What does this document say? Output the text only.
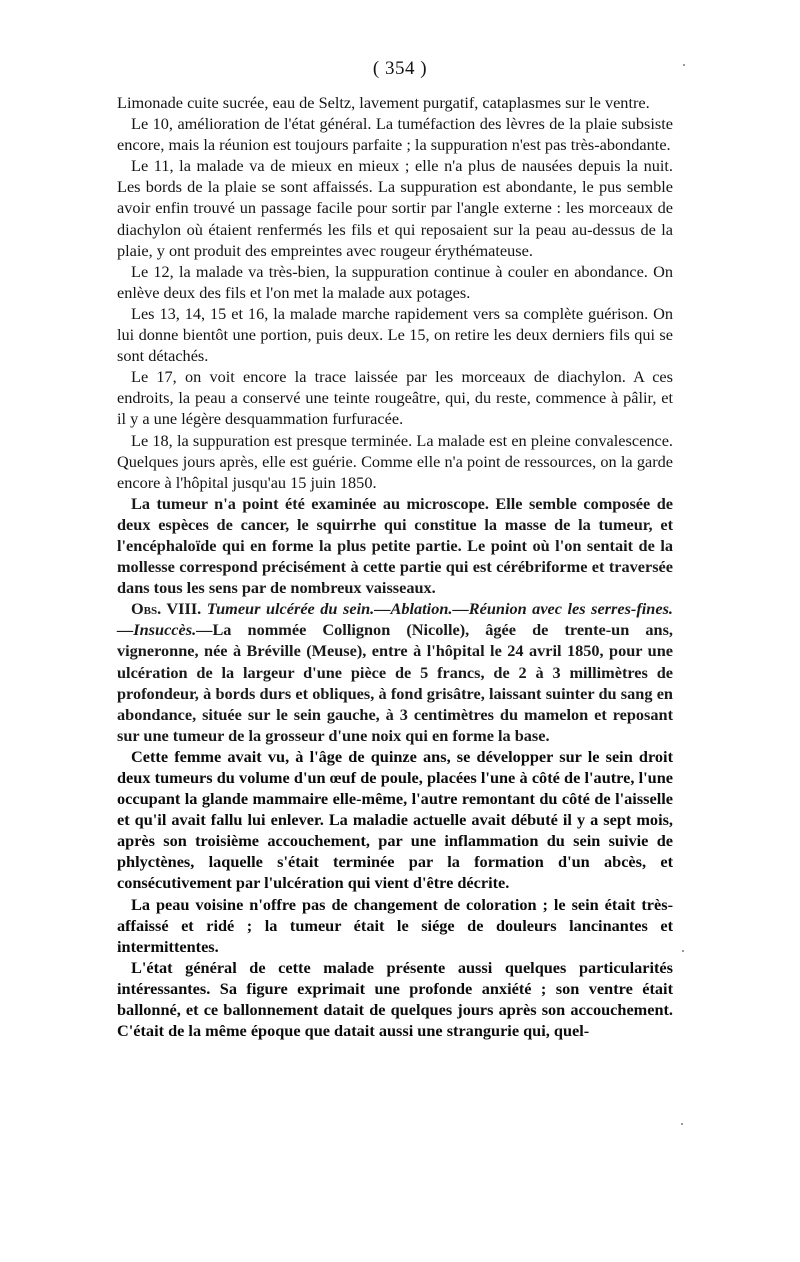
( 354 )

Limonade cuite sucrée, eau de Seltz, lavement purgatif, cataplasmes sur le ventre.

Le 10, amélioration de l'état général. La tuméfaction des lèvres de la plaie subsiste encore, mais la réunion est toujours parfaite ; la suppuration n'est pas très-abondante.

Le 11, la malade va de mieux en mieux ; elle n'a plus de nausées depuis la nuit. Les bords de la plaie se sont affaissés. La suppuration est abondante, le pus semble avoir enfin trouvé un passage facile pour sortir par l'angle externe : les morceaux de diachylon où étaient renfermés les fils et qui reposaient sur la peau au-dessus de la plaie, y ont produit des empreintes avec rougeur érythémateuse.

Le 12, la malade va très-bien, la suppuration continue à couler en abondance. On enlève deux des fils et l'on met la malade aux potages.

Les 13, 14, 15 et 16, la malade marche rapidement vers sa complète guérison. On lui donne bientôt une portion, puis deux. Le 15, on retire les deux derniers fils qui se sont détachés.

Le 17, on voit encore la trace laissée par les morceaux de diachylon. A ces endroits, la peau a conservé une teinte rougeâtre, qui, du reste, commence à pâlir, et il y a une légère desquammation furfuracée.

Le 18, la suppuration est presque terminée. La malade est en pleine convalescence. Quelques jours après, elle est guérie. Comme elle n'a point de ressources, on la garde encore à l'hôpital jusqu'au 15 juin 1850.

La tumeur n'a point été examinée au microscope. Elle semble composée de deux espèces de cancer, le squirrhe qui constitue la masse de la tumeur, et l'encéphaloïde qui en forme la plus petite partie. Le point où l'on sentait de la mollesse correspond précisément à cette partie qui est cérébriforme et traversée dans tous les sens par de nombreux vaisseaux.

Obs. VIII. Tumeur ulcérée du sein.—Ablation.—Réunion avec les serres-fines.—Insuccès.—La nommée Collignon (Nicolle), âgée de trente-un ans, vigneronne, née à Bréville (Meuse), entre à l'hôpital le 24 avril 1850, pour une ulcération de la largeur d'une pièce de 5 francs, de 2 à 3 millimètres de profondeur, à bords durs et obliques, à fond grisâtre, laissant suinter du sang en abondance, située sur le sein gauche, à 3 centimètres du mamelon et reposant sur une tumeur de la grosseur d'une noix qui en forme la base.

Cette femme avait vu, à l'âge de quinze ans, se développer sur le sein droit deux tumeurs du volume d'un œuf de poule, placées l'une à côté de l'autre, l'une occupant la glande mammaire elle-même, l'autre remontant du côté de l'aisselle et qu'il avait fallu lui enlever. La maladie actuelle avait débuté il y a sept mois, après son troisième accouchement, par une inflammation du sein suivie de phlyctènes, laquelle s'était terminée par la formation d'un abcès, et consécutivement par l'ulcération qui vient d'être décrite.

La peau voisine n'offre pas de changement de coloration ; le sein était très-affaissé et ridé ; la tumeur était le siége de douleurs lancinantes et intermittentes.

L'état général de cette malade présente aussi quelques particularités intéressantes. Sa figure exprimait une profonde anxiété ; son ventre était ballonné, et ce ballonnement datait de quelques jours après son accouchement. C'était de la même époque que datait aussi une strangurie qui, quel-
